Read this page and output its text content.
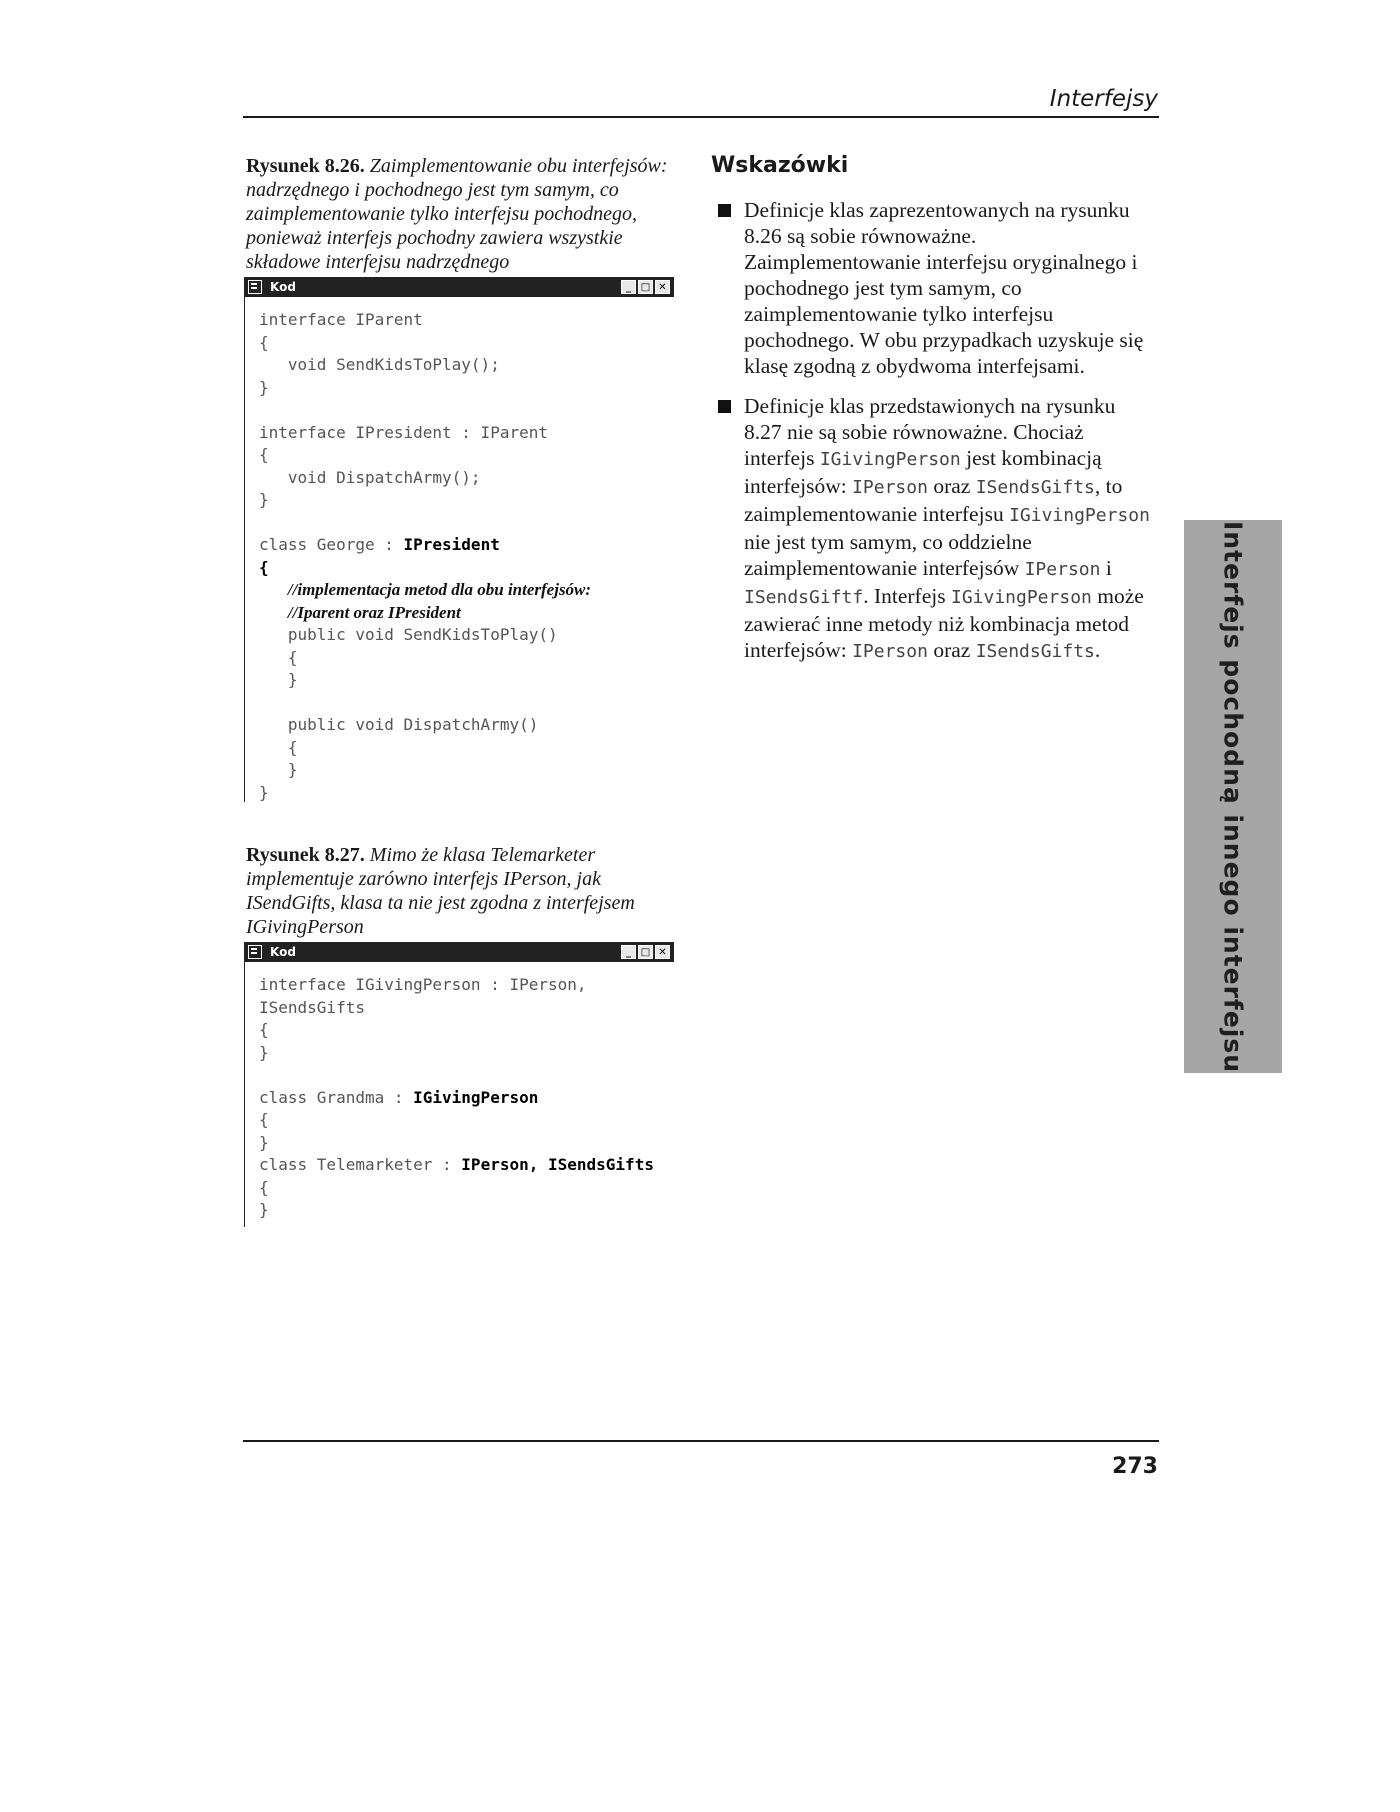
Interfejsy
Rysunek 8.26. Zaimplementowanie obu interfejsów: nadrzędnego i pochodnego jest tym samym, co zaimplementowanie tylko interfejsu pochodnego, ponieważ interfejs pochodny zawiera wszystkie składowe interfejsu nadrzędnego
Kod	_ □ ✕
interface IParent
{
void SendKidsToPlay();
}

interface IPresident : IParent
{
void DispatchArmy();
}

class George : IPresident
{
//implementacja metod dla obu interfejsów:
//Iparent oraz IPresident
public void SendKidsToPlay()
{
}

public void DispatchArmy()
{
}
}
Rysunek 8.27. Mimo że klasa Telemarketer implementuje zarówno interfejs IPerson, jak ISendGifts, klasa ta nie jest zgodna z interfejsem IGivingPerson
Kod	_ □ ✕
interface IGivingPerson : IPerson,
ISendsGifts
{
}

class Grandma : IGivingPerson
{
}
class Telemarketer : IPerson, ISendsGifts
{
}
Wskazówki
Definicje klas zaprezentowanych na rysunku 8.26 są sobie równoważne. Zaimplementowanie interfejsu oryginalnego i pochodnego jest tym samym, co zaimplementowanie tylko interfejsu pochodnego. W obu przypadkach uzyskuje się klasę zgodną z obydwoma interfejsami.
Definicje klas przedstawionych na rysunku 8.27 nie są sobie równoważne. Chociaż interfejs IGivingPerson jest kombinacją interfejsów: IPerson oraz ISendsGifts, to zaimplementowanie interfejsu IGivingPerson nie jest tym samym, co oddzielne zaimplementowanie interfejsów IPerson i ISendsGiftf. Interfejs IGivingPerson może zawierać inne metody niż kombinacja metod interfejsów: IPerson oraz ISendsGifts.	Interfejs pochodną innego interfejsu
273
